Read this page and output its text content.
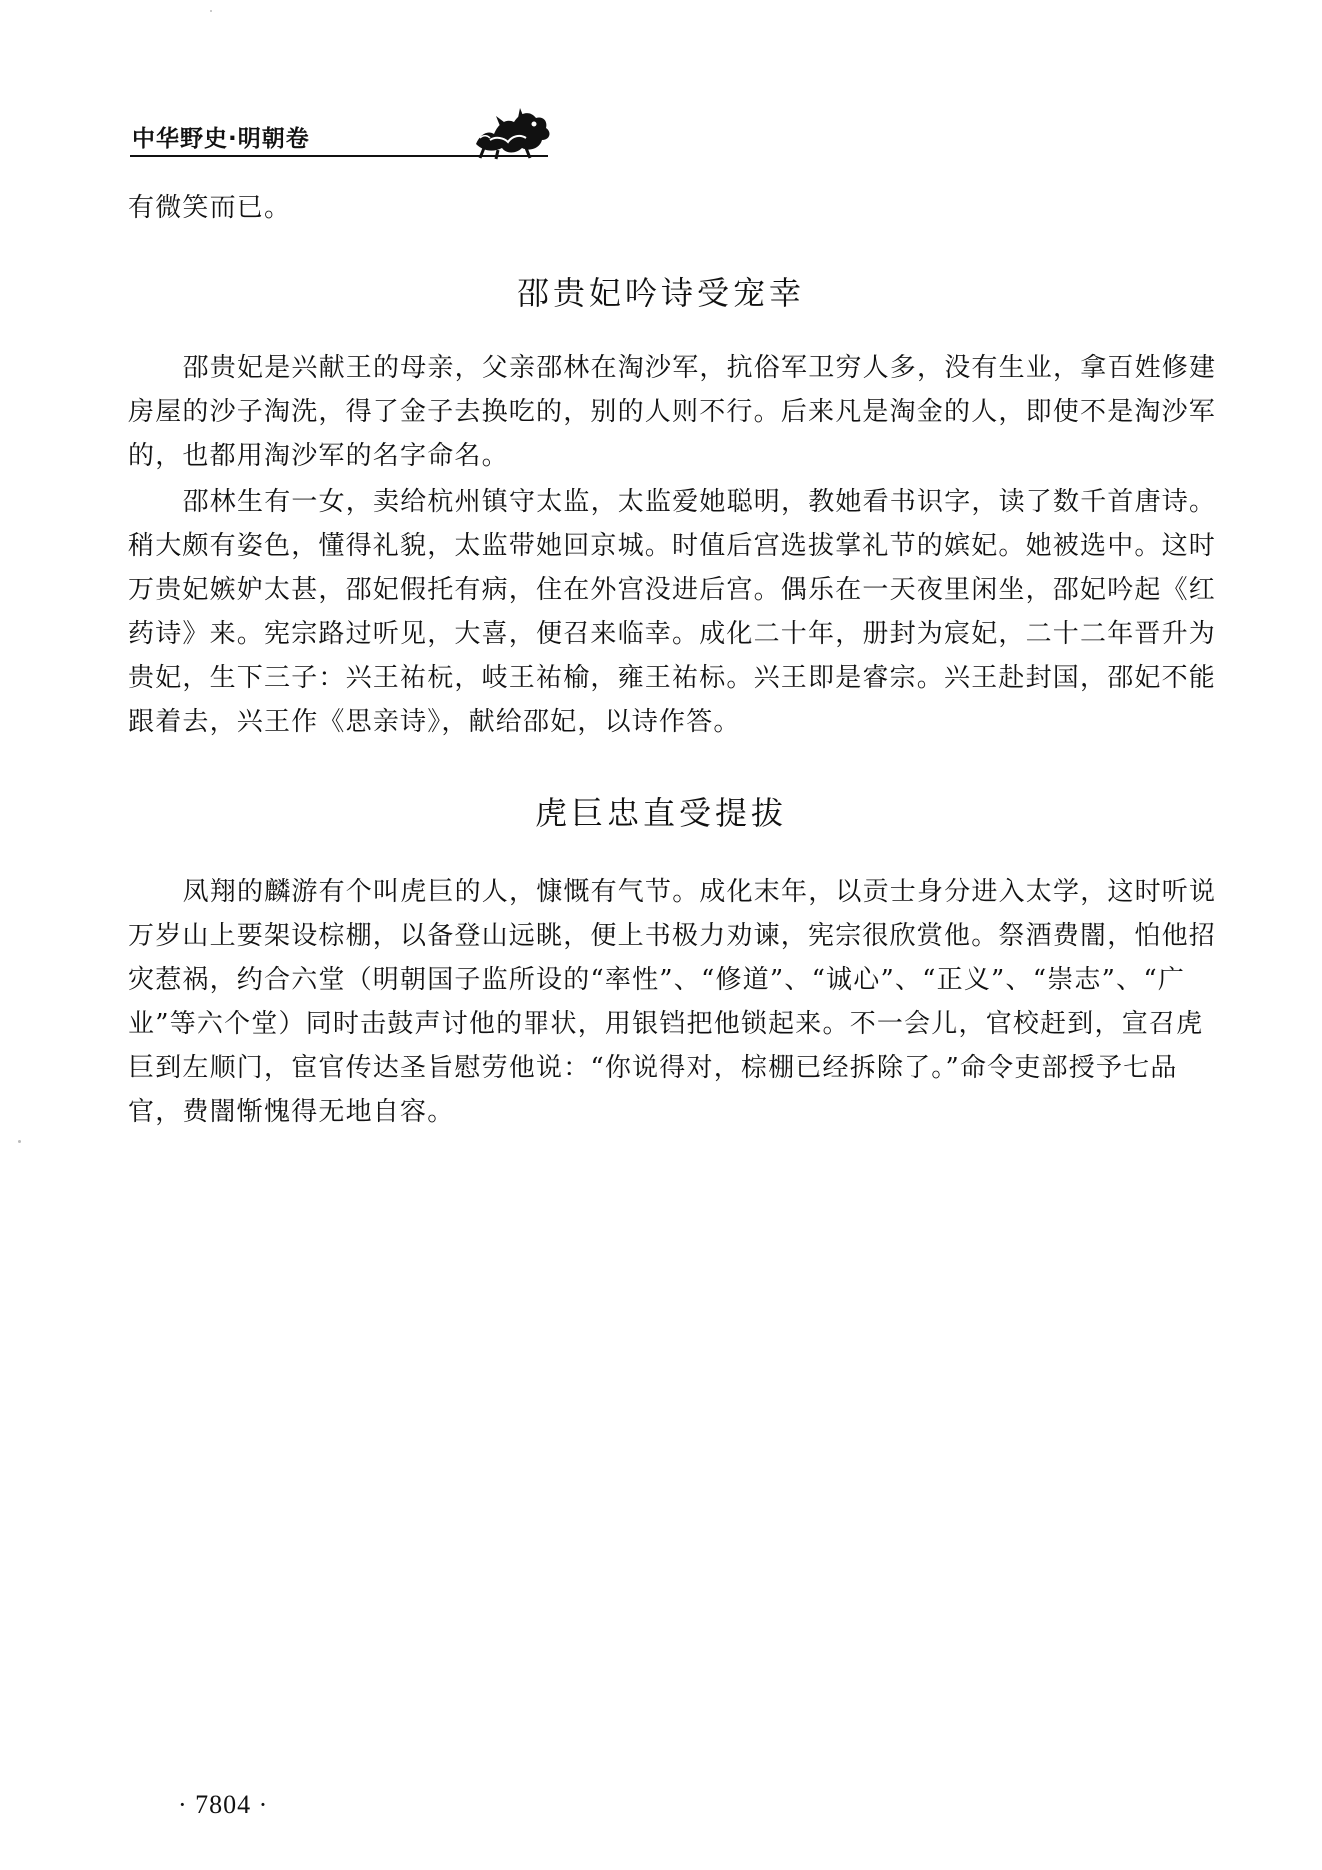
中华野史·明朝卷

有微笑而已。

邵贵妃吟诗受宠幸

邵贵妃是兴献王的母亲，父亲邵林在淘沙军，抗俗军卫穷人多，没有生业，拿百姓修建房屋的沙子淘洗，得了金子去换吃的，别的人则不行。后来凡是淘金的人，即使不是淘沙军的，也都用淘沙军的名字命名。

邵林生有一女，卖给杭州镇守太监，太监爱她聪明，教她看书识字，读了数千首唐诗。稍大颇有姿色，懂得礼貌，太监带她回京城。时值后宫选拔掌礼节的嫔妃。她被选中。这时万贵妃嫉妒太甚，邵妃假托有病，住在外宫没进后宫。偶乐在一天夜里闲坐，邵妃吟起《红药诗》来。宪宗路过听见，大喜，便召来临幸。成化二十年，册封为宸妃，二十二年晋升为贵妃，生下三子：兴王祐杬，岐王祐榆，雍王祐标。兴王即是睿宗。兴王赴封国，邵妃不能跟着去，兴王作《思亲诗》，献给邵妃，以诗作答。

虎巨忠直受提拔

凤翔的麟游有个叫虎巨的人，慷慨有气节。成化末年，以贡士身分进入太学，这时听说万岁山上要架设棕棚，以备登山远眺，便上书极力劝谏，宪宗很欣赏他。祭酒费闇，怕他招灾惹祸，约合六堂（明朝国子监所设的“率性”、“修道”、“诚心”、“正义”、“崇志”、“广业”等六个堂）同时击鼓声讨他的罪状，用银铛把他锁起来。不一会儿，官校赶到，宣召虎巨到左顺门，宦官传达圣旨慰劳他说：“你说得对，棕棚已经拆除了。”命令吏部授予七品官，费闇惭愧得无地自容。

· 7804 ·
